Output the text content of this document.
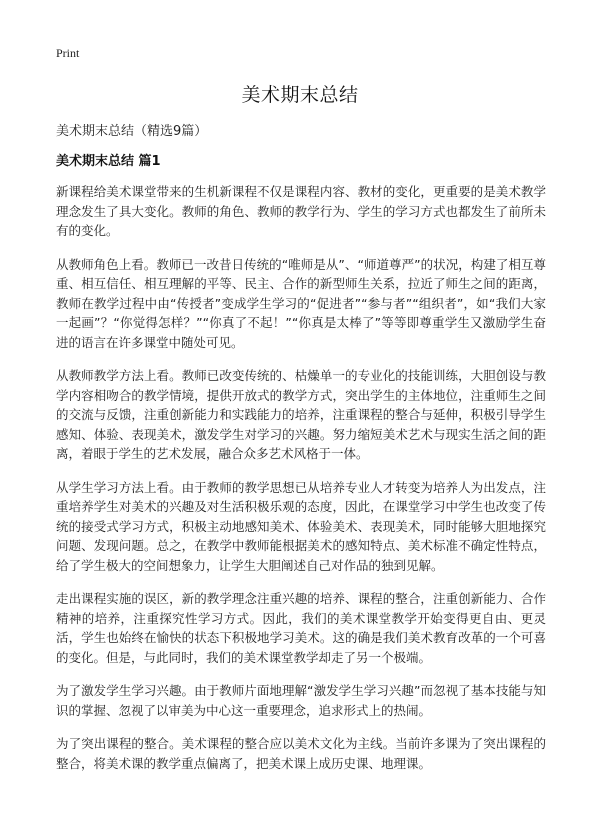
Print
美术期末总结

美术期末总结（精选9篇）

美术期末总结 篇1

新课程给美术课堂带来的生机新课程不仅是课程内容、教材的变化，更重要的是美术教学理念发生了具大变化。教师的角色、教师的教学行为、学生的学习方式也都发生了前所未有的变化。

从教师角色上看。教师已一改昔日传统的“唯师是从”、“师道尊严”的状况，构建了相互尊重、相互信任、相互理解的平等、民主、合作的新型师生关系，拉近了师生之间的距离，教师在教学过程中由“传授者”变成学生学习的“促进者”“参与者”“组织者”，如“我们大家一起画”？“你觉得怎样？”“你真了不起！”“你真是太棒了”等等即尊重学生又激励学生奋进的语言在许多课堂中随处可见。

从教师教学方法上看。教师已改变传统的、枯燥单一的专业化的技能训练，大胆创设与教学内容相吻合的教学情境，提供开放式的教学方式，突出学生的主体地位，注重师生之间的交流与反馈，注重创新能力和实践能力的培养，注重课程的整合与延伸，积极引导学生感知、体验、表现美术，激发学生对学习的兴趣。努力缩短美术艺术与现实生活之间的距离，着眼于学生的艺术发展，融合众多艺术风格于一体。

从学生学习方法上看。由于教师的教学思想已从培养专业人才转变为培养人为出发点，注重培养学生对美术的兴趣及对生活积极乐观的态度，因此，在课堂学习中学生也改变了传统的接受式学习方式，积极主动地感知美术、体验美术、表现美术，同时能够大胆地探究问题、发现问题。总之，在教学中教师能根据美术的感知特点、美术标准不确定性特点，给了学生极大的空间想象力，让学生大胆阐述自己对作品的独到见解。

走出课程实施的误区，新的教学理念注重兴趣的培养、课程的整合，注重创新能力、合作精神的培养，注重探究性学习方式。因此，我们的美术课堂教学开始变得更自由、更灵活，学生也始终在愉快的状态下积极地学习美术。这的确是我们美术教育改革的一个可喜的变化。但是，与此同时，我们的美术课堂教学却走了另一个极端。

为了激发学生学习兴趣。由于教师片面地理解“激发学生学习兴趣”而忽视了基本技能与知识的掌握、忽视了以审美为中心这一重要理念，追求形式上的热闹。

为了突出课程的整合。美术课程的整合应以美术文化为主线。当前许多课为了突出课程的整合，将美术课的教学重点偏离了，把美术课上成历史课、地理课。
